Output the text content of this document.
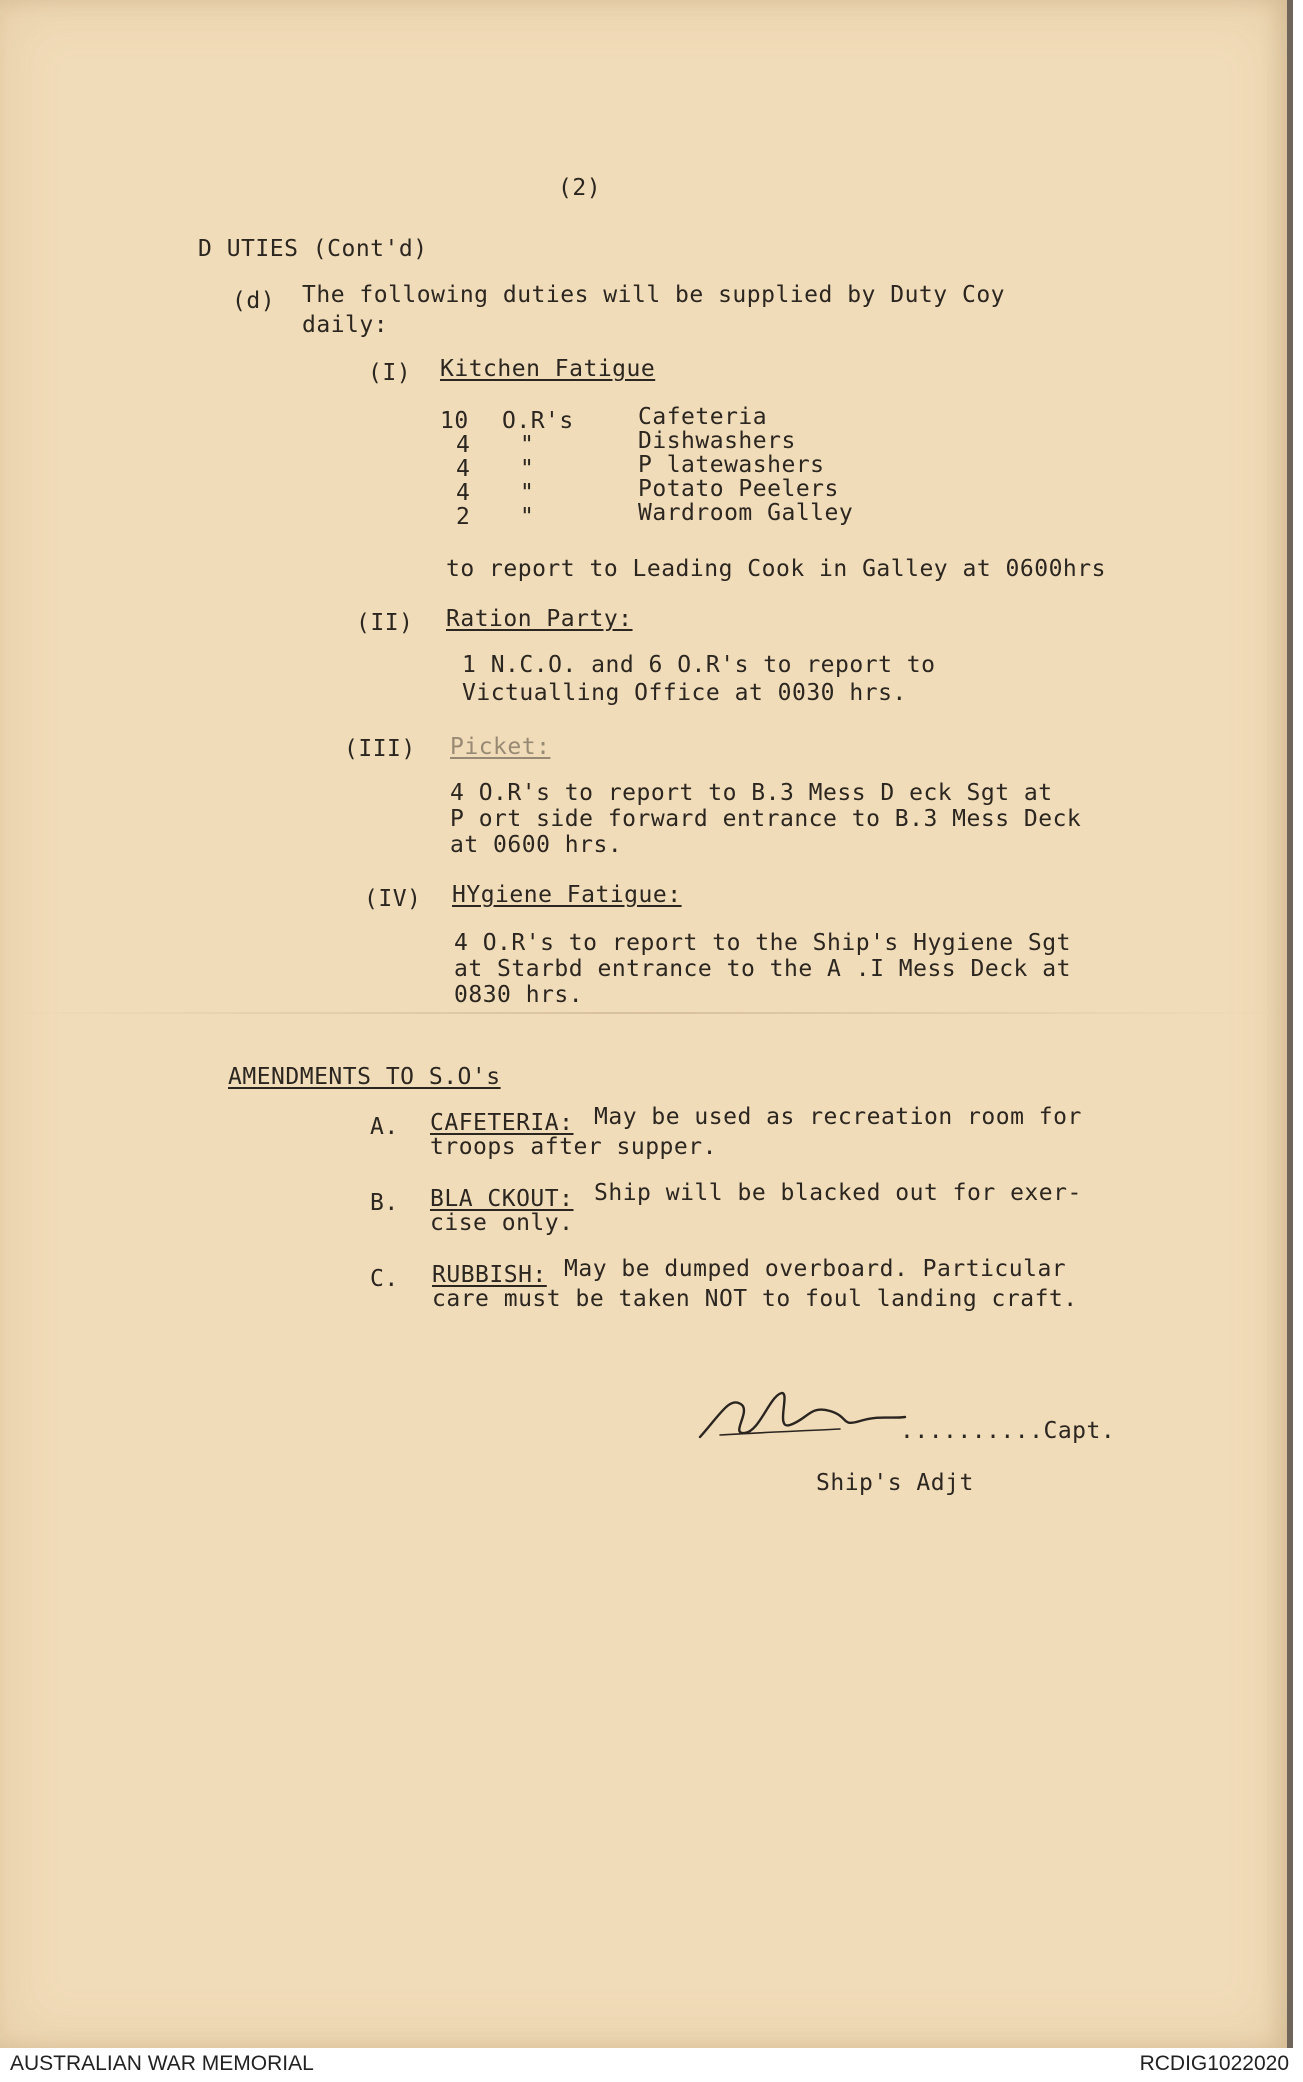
(2)
D UTIES (Cont'd)
(d) The following duties will be supplied by Duty Coy
daily:
(I) Kitchen Fatigue
10 O.R's	Cafeteria
4 "	Dishwashers
4 "	P latewashers
4 "	Potato Peelers
2 "	Wardroom Galley
to report to Leading Cook in Galley at 0600hrs
(II) Ration Party:
1 N.C.O. and 6 O.R's to report to
Victualling Office at 0030 hrs.
(III) Picket:
4 O.R's to report to B.3 Mess D eck Sgt at
P ort side forward entrance to B.3 Mess Deck
at 0600 hrs.
(IV) HYgiene Fatigue:
4 O.R's to report to the Ship's Hygiene Sgt
at Starbd entrance to the A .I Mess Deck at
0830 hrs.
AMENDMENTS TO S.O's
A. CAFETERIA: May be used as recreation room for
troops after supper.
B. BLA CKOUT: Ship will be blacked out for exer-
cise only.
C. RUBBISH: May be dumped overboard. Particular
care must be taken NOT to foul landing craft.
..........Capt.
Ship's Adjt
AUSTRALIAN WAR MEMORIAL	RCDIG1022020
